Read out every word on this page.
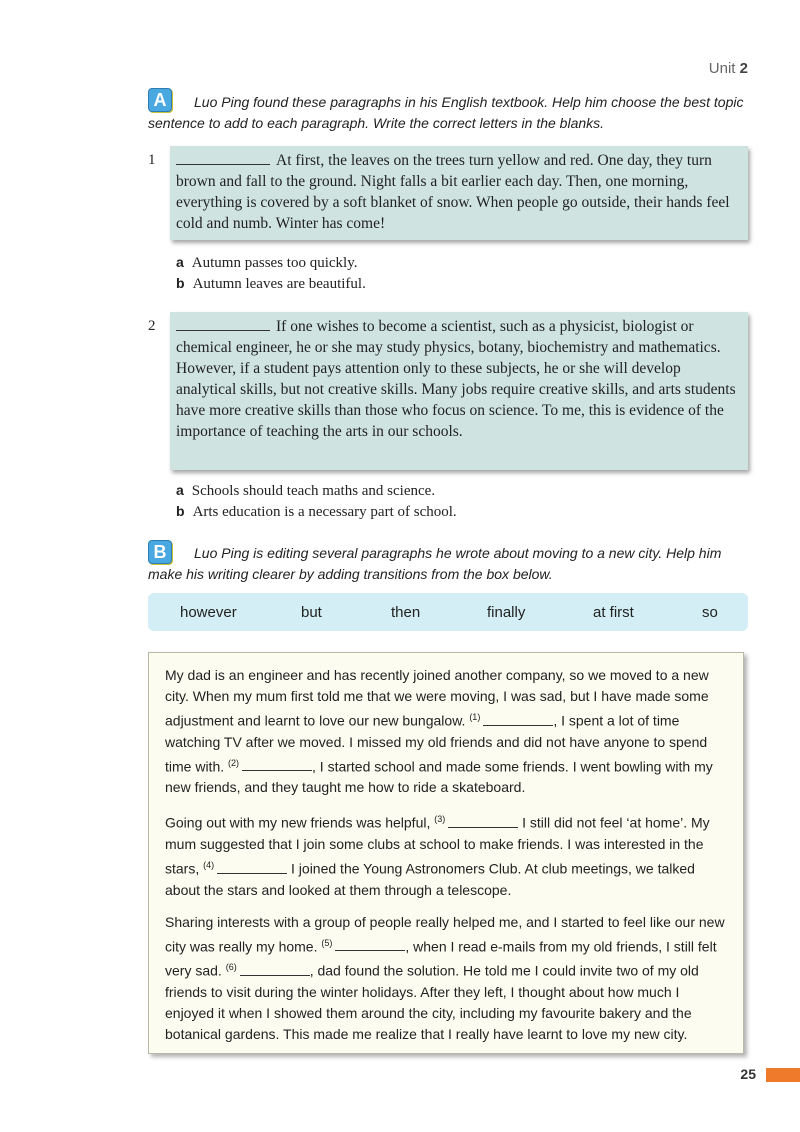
Unit 2
A	Luo Ping found these paragraphs in his English textbook. Help him choose the best topic sentence to add to each paragraph. Write the correct letters in the blanks.
1	At first, the leaves on the trees turn yellow and red. One day, they turn brown and fall to the ground. Night falls a bit earlier each day. Then, one morning, everything is covered by a soft blanket of snow. When people go outside, their hands feel cold and numb. Winter has come!
a Autumn passes too quickly.
b Autumn leaves are beautiful.
2	If one wishes to become a scientist, such as a physicist, biologist or chemical engineer, he or she may study physics, botany, biochemistry and mathematics. However, if a student pays attention only to these subjects, he or she will develop analytical skills, but not creative skills. Many jobs require creative skills, and arts students have more creative skills than those who focus on science. To me, this is evidence of the importance of teaching the arts in our schools.
a Schools should teach maths and science.
b Arts education is a necessary part of school.
B	Luo Ping is editing several paragraphs he wrote about moving to a new city. Help him make his writing clearer by adding transitions from the box below.
however	but	then	finally	at first	so

My dad is an engineer and has recently joined another company, so we moved to a new city. When my mum first told me that we were moving, I was sad, but I have made some adjustment and learnt to love our new bungalow. $^{(1)}$	, I spent a lot of time watching TV after we moved. I missed my old friends and did not have anyone to spend time with. $^{(2)}$	, I started school and made some friends. I went bowling with my new friends, and they taught me how to ride a skateboard.

Going out with my new friends was helpful, $^{(3)}$	I still did not feel ‘at home’. My mum suggested that I join some clubs at school to make friends. I was interested in the stars, $^{(4)}$	I joined the Young Astronomers Club. At club meetings, we talked about the stars and looked at them through a telescope.

Sharing interests with a group of people really helped me, and I started to feel like our new city was really my home. $^{(5)}$	, when I read e-mails from my old friends, I still felt very sad. $^{(6)}$	, dad found the solution. He told me I could invite two of my old friends to visit during the winter holidays. After they left, I thought about how much I enjoyed it when I showed them around the city, including my favourite bakery and the botanical gardens. This made me realize that I really have learnt to love my new city.

25
